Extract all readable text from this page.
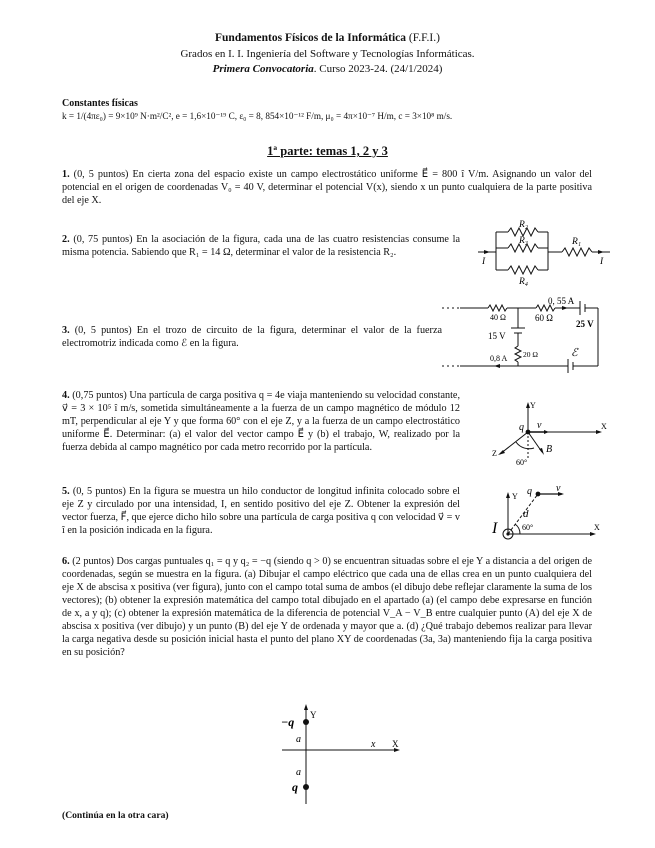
Fundamentos Físicos de la Informática (F.F.I.)
Grados en I. I. Ingeniería del Software y Tecnologías Informáticas.
Primera Convocatoria. Curso 2023-24. (24/1/2024)
Constantes físicas
k = 1/(4πε₀) = 9×10⁹ N·m²/C², e = 1,6×10⁻¹⁹ C, ε₀ = 8, 854×10⁻¹² F/m, μ₀ = 4π×10⁻⁷ H/m, c = 3×10⁸ m/s.
1ª parte: temas 1, 2 y 3
1. (0, 5 puntos) En cierta zona del espacio existe un campo electrostático uniforme E⃗ = 800 î V/m. Asignando un valor del potencial en el origen de coordenadas V₀ = 40 V, determinar el potencial V(x), siendo x un punto cualquiera de la parte positiva del eje X.
2. (0, 75 puntos) En la asociación de la figura, cada una de las cuatro resistencias consume la misma potencia. Sabiendo que R₁ = 14 Ω, determinar el valor de la resistencia R₂.
R₂
R₃	R₁
R₄
I	I
3. (0, 5 puntos) En el trozo de circuito de la figura, determinar el valor de la fuerza electromotriz indicada como ℰ en la figura.
0, 55 A
40 Ω	60 Ω
25 V
15 V
0,8 A 20 Ω	ℰ
4. (0,75 puntos) Una partícula de carga positiva q = 4e viaja manteniendo su velocidad constante, v⃗ = 3 × 10⁵ î m/s, sometida simultáneamente a la fuerza de un campo magnético de módulo 12 mT, perpendicular al eje Y y que forma 60° con el eje Z, y a la fuerza de un campo electrostático uniforme E⃗. Determinar: (a) el valor del vector campo E⃗ y (b) el trabajo, W, realizado por la fuerza debida al campo magnético por cada metro recorrido por la partícula.
Y
X
Z
q v⃗
B⃗
60°
5. (0, 5 puntos) En la figura se muestra un hilo conductor de longitud infinita colocado sobre el eje Z y circulado por una intensidad, I, en sentido positivo del eje Z. Obtener la expresión del vector fuerza, F⃗, que ejerce dicho hilo sobre una partícula de carga positiva q con velocidad v⃗ = v î en la posición indicada en la figura.
Y
X
q v⃗
d
I	60°
6. (2 puntos) Dos cargas puntuales q₁ = q y q₂ = −q (siendo q > 0) se encuentran situadas sobre el eje Y a distancia a del origen de coordenadas, según se muestra en la figura. (a) Dibujar el campo eléctrico que cada una de ellas crea en un punto cualquiera del eje X de abscisa x positiva (ver figura), junto con el campo total suma de ambos (el dibujo debe reflejar claramente la suma de los vectores); (b) obtener la expresión matemática del campo total dibujado en el apartado (a) (el campo debe expresarse en función de x, a y q); (c) obtener la expresión matemática de la diferencia de potencial V_A − V_B entre cualquier punto (A) del eje X de abscisa x positiva (ver dibujo) y un punto (B) del eje Y de ordenada y mayor que a. (d) ¿Qué trabajo debemos realizar para llevar la carga negativa desde su posición inicial hasta el punto del plano XY de coordenadas (3a, 3a) manteniendo fija la carga positiva en su posición?
−q
q
Y
X
x
a
a
(Continúa en la otra cara)
